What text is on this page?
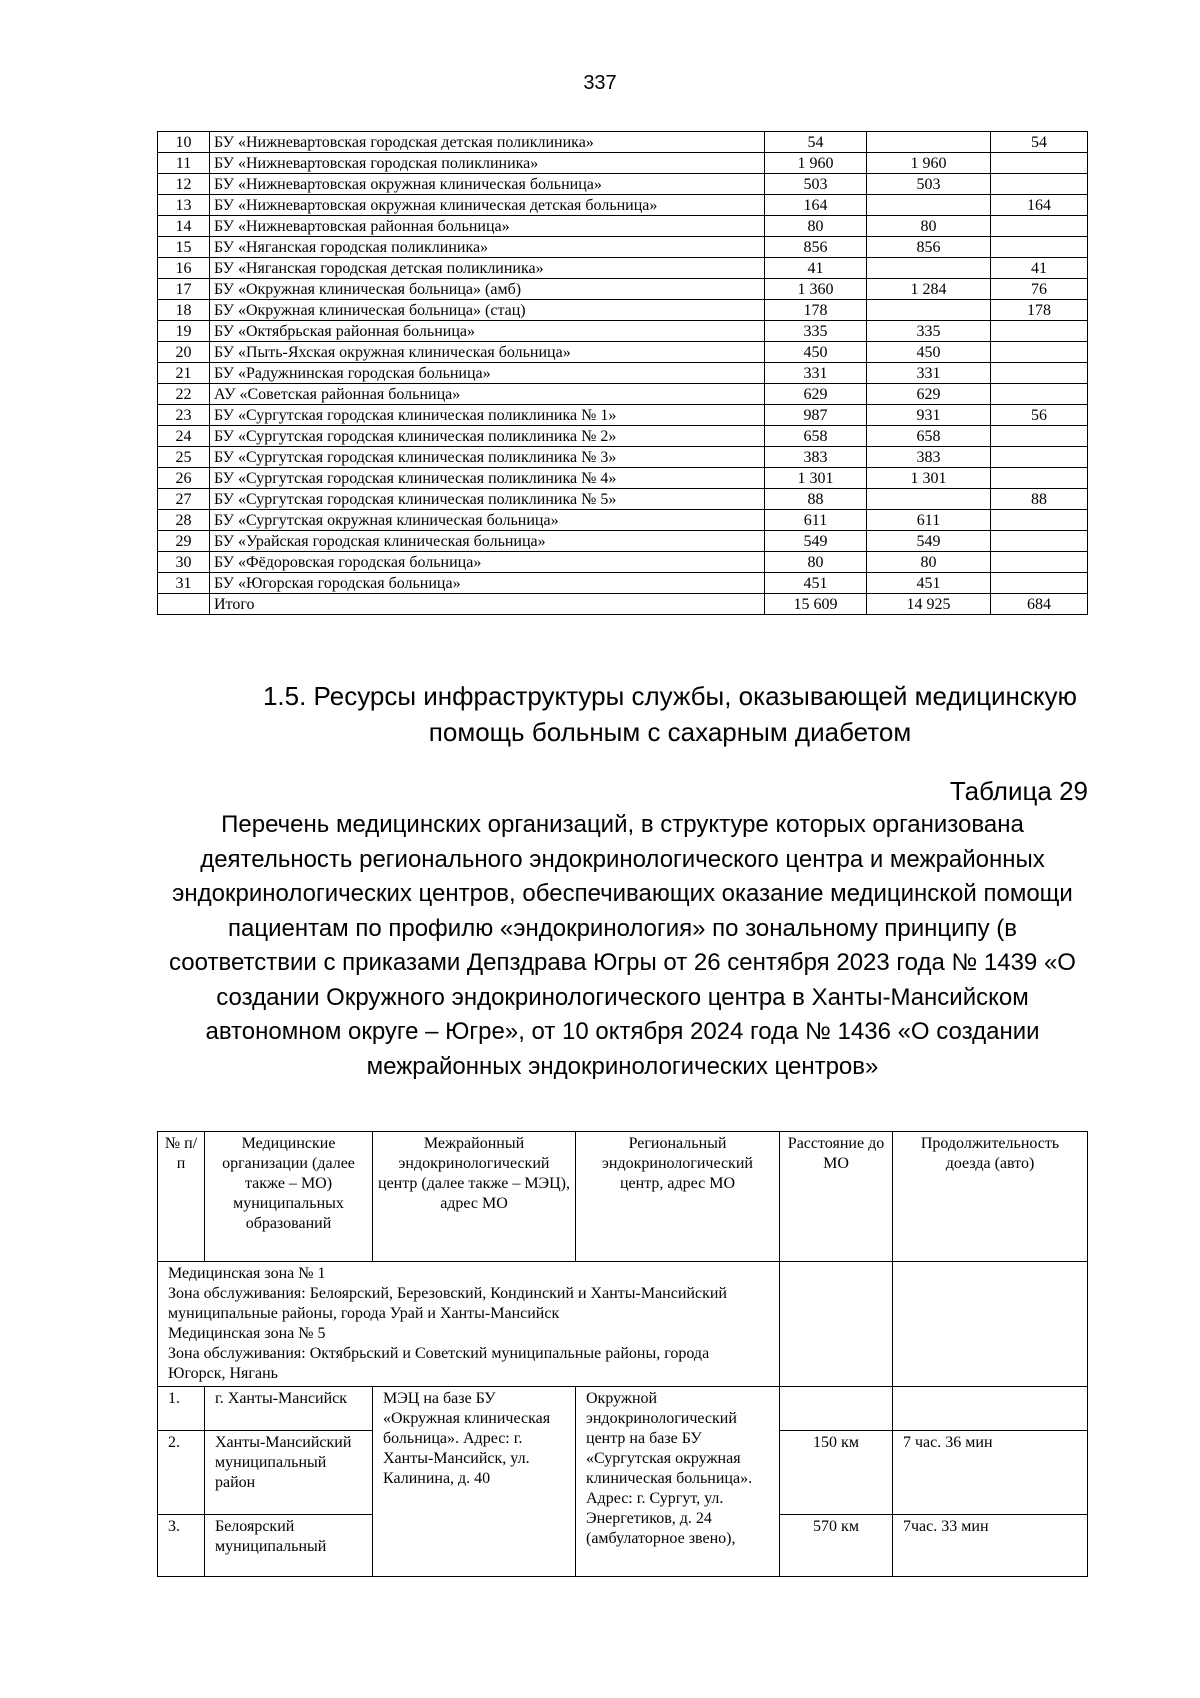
337
10	БУ «Нижневартовская городская детская поликлиника»	54		54
11	БУ «Нижневартовская городская поликлиника»	1 960	1 960	
12	БУ «Нижневартовская окружная клиническая больница»	503	503	
13	БУ «Нижневартовская окружная клиническая детская больница»	164		164
14	БУ «Нижневартовская районная больница»	80	80	
15	БУ «Няганская городская поликлиника»	856	856	
16	БУ «Няганская городская детская поликлиника»	41		41
17	БУ «Окружная клиническая больница» (амб)	1 360	1 284	76
18	БУ «Окружная клиническая больница» (стац)	178		178
19	БУ «Октябрьская районная больница»	335	335	
20	БУ «Пыть-Яхская окружная клиническая больница»	450	450	
21	БУ «Радужнинская городская больница»	331	331	
22	АУ «Советская районная больница»	629	629	
23	БУ «Сургутская городская клиническая поликлиника № 1»	987	931	56
24	БУ «Сургутская городская клиническая поликлиника № 2»	658	658	
25	БУ «Сургутская городская клиническая поликлиника № 3»	383	383	
26	БУ «Сургутская городская клиническая поликлиника № 4»	1 301	1 301	
27	БУ «Сургутская городская клиническая поликлиника № 5»	88		88
28	БУ «Сургутская окружная клиническая больница»	611	611	
29	БУ «Урайская городская клиническая больница»	549	549	
30	БУ «Фёдоровская городская больница»	80	80	
31	БУ «Югорская городская больница»	451	451	
	Итого	15 609	14 925	684
1.5. Ресурсы инфраструктуры службы, оказывающей медицинскую помощь больным с сахарным диабетом
Таблица 29
Перечень медицинских организаций, в структуре которых организована деятельность регионального эндокринологического центра и межрайонных эндокринологических центров, обеспечивающих оказание медицинской помощи пациентам по профилю «эндокринология» по зональному принципу (в соответствии с приказами Депздрава Югры от 26 сентября 2023 года № 1439 «О создании Окружного эндокринологического центра в Ханты-Мансийском автономном округе – Югре», от 10 октября 2024 года № 1436 «О создании межрайонных эндокринологических центров»
№ п/п	Медицинские организации (далее также – МО) муниципальных образований	Межрайонный эндокринологический центр (далее также – МЭЦ), адрес МО	Региональный эндокринологический центр, адрес МО	Расстояние до МО	Продолжительность доезда (авто)
Медицинская зона № 1
Зона обслуживания: Белоярский, Березовский, Кондинский и Ханты-Мансийский муниципальные районы, города Урай и Ханты-Мансийск
Медицинская зона № 5
Зона обслуживания: Октябрьский и Советский муниципальные районы, города Югорск, Нягань					
1.	г. Ханты-Мансийск	МЭЦ на базе БУ «Окружная клиническая больница». Адрес: г. Ханты-Мансийск, ул. Калинина, д. 40	Окружной эндокринологический центр на базе БУ «Сургутская окружная клиническая больница». Адрес: г. Сургут, ул. Энергетиков, д. 24 (амбулаторное звено),		
2.	Ханты-Мансийский муниципальный район			150 км	7 час. 36 мин
3.	Белоярский муниципальный			570 км	7час. 33 мин
